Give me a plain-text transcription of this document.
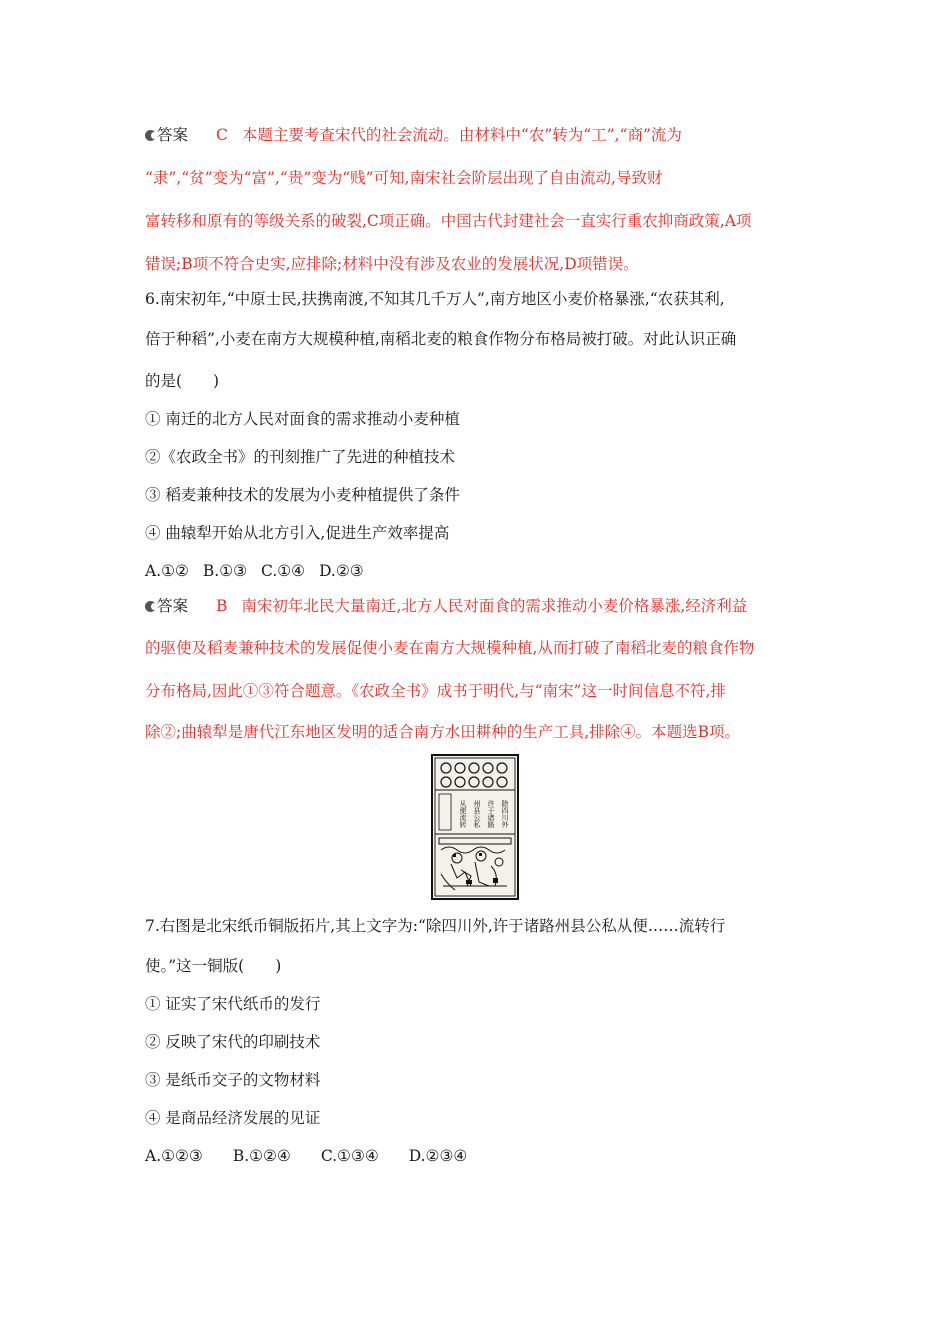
答案 C 本题主要考查宋代的社会流动。由材料中“农”转为“工”,“商”流为
“隶”,“贫”变为“富”,“贵”变为“贱”可知,南宋社会阶层出现了自由流动,导致财
富转移和原有的等级关系的破裂,C项正确。中国古代封建社会一直实行重农抑商政策,A项
错误;B项不符合史实,应排除;材料中没有涉及农业的发展状况,D项错误。
6.南宋初年,“中原士民,扶携南渡,不知其几千万人”,南方地区小麦价格暴涨,“农获其利,
倍于种稻”,小麦在南方大规模种植,南稻北麦的粮食作物分布格局被打破。对此认识正确
的是(　　)
① 南迁的北方人民对面食的需求推动小麦种植
②《农政全书》的刊刻推广了先进的种植技术
③ 稻麦兼种技术的发展为小麦种植提供了条件
④ 曲辕犁开始从北方引入,促进生产效率提高
A.①② B.①③ C.①④ D.②③
答案 B 南宋初年北民大量南迁,北方人民对面食的需求推动小麦价格暴涨,经济利益
的驱使及稻麦兼种技术的发展促使小麦在南方大规模种植,从而打破了南稻北麦的粮食作物
分布格局,因此①③符合题意。《农政全书》成书于明代,与“南宋”这一时间信息不符,排
除②;曲辕犁是唐代江东地区发明的适合南方水田耕种的生产工具,排除④。本题选B项。
除四川外
许于诸路
州县公私
从便流转
7.右图是北宋纸币铜版拓片,其上文字为:“除四川外,许于诸路州县公私从便……流转行
使。”这一铜版(　　)
① 证实了宋代纸币的发行
② 反映了宋代的印刷技术
③ 是纸币交子的文物材料
④ 是商品经济发展的见证
A.①②③ B.①②④ C.①③④ D.②③④
